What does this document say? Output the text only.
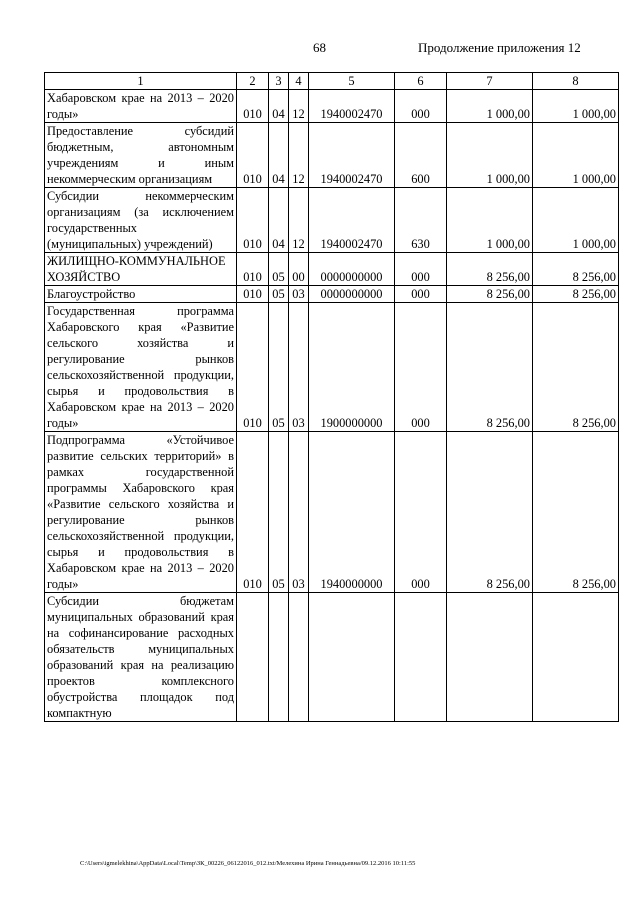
68	Продолжение приложения 12
1	2	3	4	5	6	7	8
Хабаровском крае на 2013 – 2020 годы»	010	04	12	1940002470	000	1 000,00	1 000,00
Предоставление субсидий бюджетным, автономным учреждениям и иным некоммерческим организациям	010	04	12	1940002470	600	1 000,00	1 000,00
Субсидии некоммерческим организациям (за исключением государственных (муниципальных) учреждений)	010	04	12	1940002470	630	1 000,00	1 000,00
ЖИЛИЩНО-КОММУНАЛЬНОЕ ХОЗЯЙСТВО	010	05	00	0000000000	000	8 256,00	8 256,00
Благоустройство	010	05	03	0000000000	000	8 256,00	8 256,00
Государственная программа Хабаровского края «Развитие сельского хозяйства и регулирование рынков сельскохозяйственной продукции, сырья и продовольствия в Хабаровском крае на 2013 – 2020 годы»	010	05	03	1900000000	000	8 256,00	8 256,00
Подпрограмма «Устойчивое развитие сельских территорий» в рамках государственной программы Хабаровского края «Развитие сельского хозяйства и регулирование рынков сельскохозяйственной продукции, сырья и продовольствия в Хабаровском крае на 2013 – 2020 годы»	010	05	03	1940000000	000	8 256,00	8 256,00
Субсидии бюджетам муниципальных образований края на софинансирование расходных обязательств муниципальных образований края на реализацию проектов комплексного обустройства площадок под компактную							
C:\Users\igmelekhina\AppData\Local\Temp\ЗК_00226_06122016_012.txt/Мелехина Ирина Геннадьевна/09.12.2016 10:11:55
